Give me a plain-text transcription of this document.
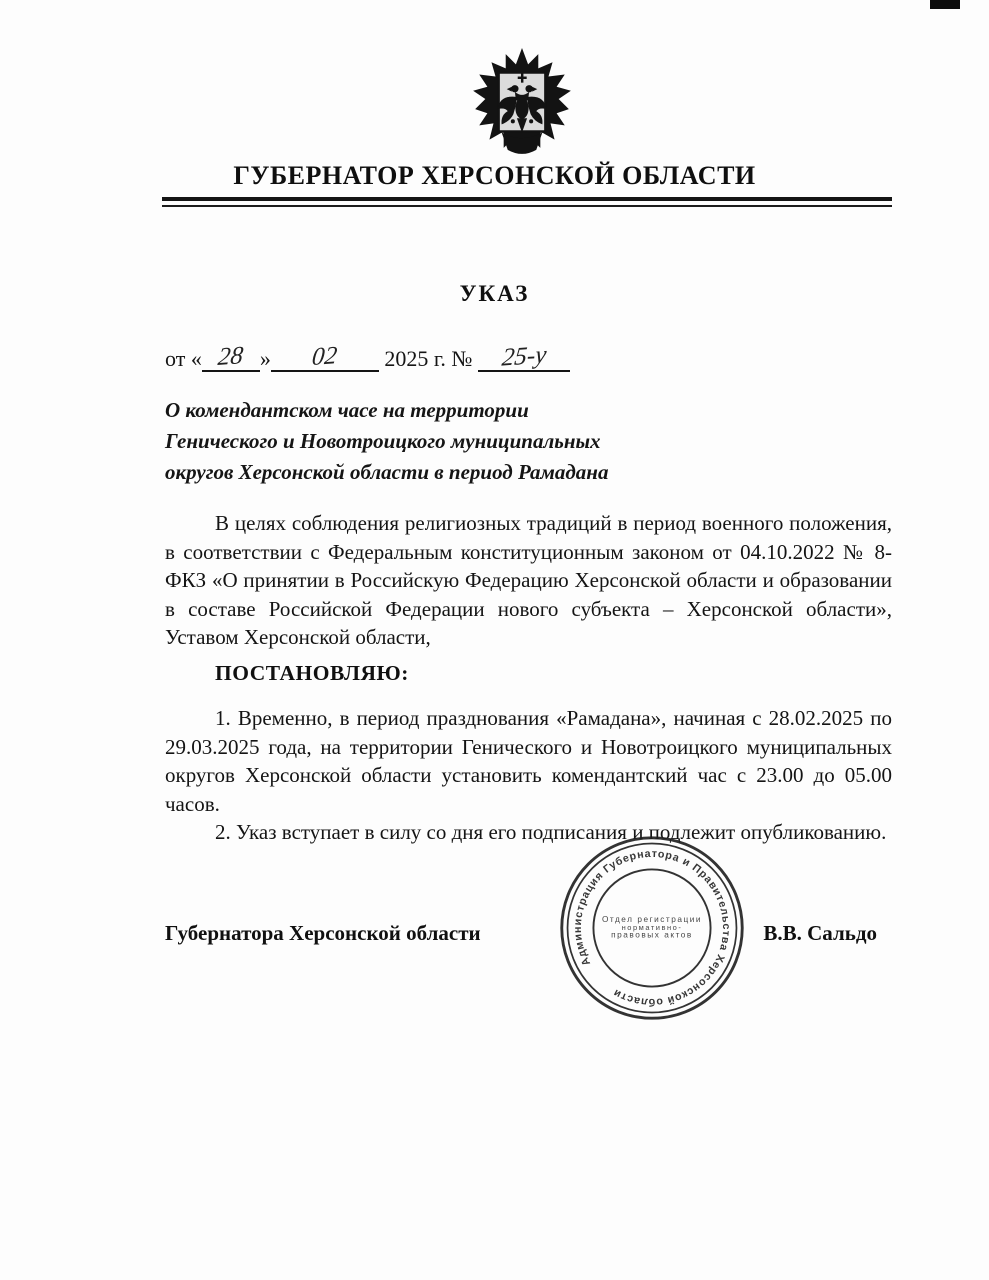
ГУБЕРНАТОР ХЕРСОНСКОЙ ОБЛАСТИ
УКАЗ
от « 28 » 02 2025 г. № 25-у
О комендантском часе на территории
Генического и Новотроицкого муниципальных
округов Херсонской области в период Рамадана
В целях соблюдения религиозных традиций в период военного положения, в соответствии с Федеральным конституционным законом от 04.10.2022 № 8-ФКЗ «О принятии в Российскую Федерацию Херсонской области и образовании в составе Российской Федерации нового субъекта – Херсонской области», Уставом Херсонской области,
ПОСТАНОВЛЯЮ:

1. Временно, в период празднования «Рамадана», начиная с 28.02.2025 по 29.03.2025 года, на территории Генического и Новотроицкого муниципальных округов Херсонской области установить комендантский час с 23.00 до 05.00 часов.

2. Указ вступает в силу со дня его подписания и подлежит опубликованию.

Губернатора Херсонской области	В.В. Сальдо
Администрация Губернатора и Правительства Херсонской области
Отдел регистрации
нормативно-
правовых актов
